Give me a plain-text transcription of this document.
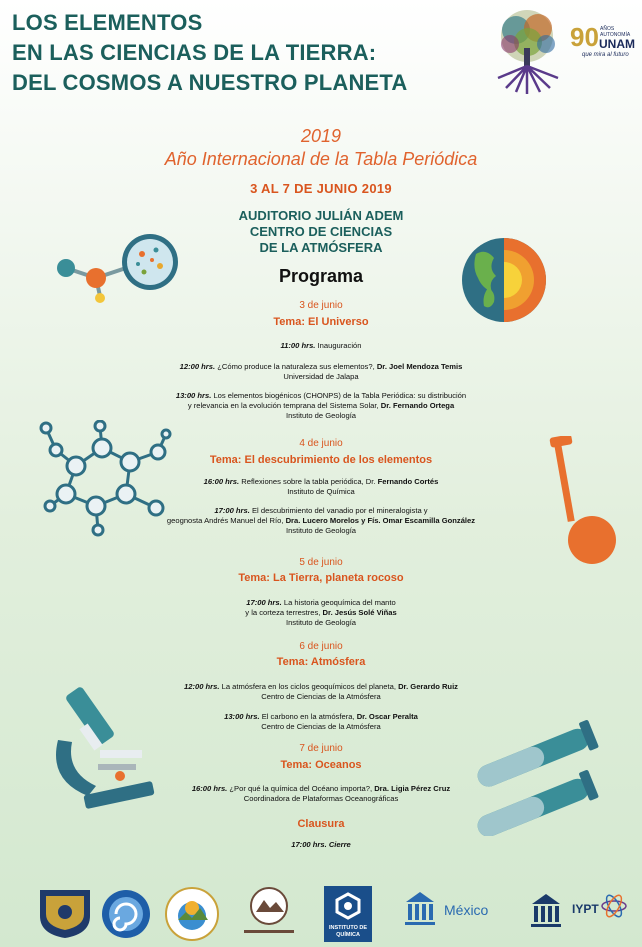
LOS ELEMENTOS
EN LAS CIENCIAS DE LA TIERRA:
DEL COSMOS A NUESTRO PLANETA
90 AÑOS
AUTONOMÍA
UNAM
que mira al futuro
2019
Año Internacional de la Tabla Periódica
3 AL 7 DE JUNIO 2019
AUDITORIO JULIÁN ADEM
CENTRO DE CIENCIAS
DE LA ATMÓSFERA
Programa
3 de junio
Tema: El Universo
11:00 hrs. Inauguración
12:00 hrs. ¿Cómo produce la naturaleza sus elementos?, Dr. Joel Mendoza Temis
Universidad de Jalapa
13:00 hrs. Los elementos biogénicos (CHONPS) de la Tabla Periódica: su distribución
y relevancia en la evolución temprana del Sistema Solar, Dr. Fernando Ortega
Instituto de Geología
4 de junio
Tema: El descubrimiento de los elementos
16:00 hrs. Reflexiones sobre la tabla periódica, Dr. Fernando Cortés
Instituto de Química
17:00 hrs. El descubrimiento del vanadio por el mineralogista y
geognosta Andrés Manuel del Río, Dra. Lucero Morelos y Fís. Omar Escamilla González
Instituto de Geología
5 de junio
Tema: La Tierra, planeta rocoso
17:00 hrs. La historia geoquímica del manto
y la corteza terrestres, Dr. Jesús Solé Viñas
Instituto de Geología
6 de junio
Tema: Atmósfera
12:00 hrs. La atmósfera en los ciclos geoquímicos del planeta, Dr. Gerardo Ruiz
Centro de Ciencias de la Atmósfera
13:00 hrs. El carbono en la atmósfera, Dr. Oscar Peralta
Centro de Ciencias de la Atmósfera
7 de junio
Tema: Oceanos
16:00 hrs. ¿Por qué la química del Océano importa?, Dra. Ligia Pérez Cruz
Coordinadora de Plataformas Oceanográficas
Clausura
17:00 hrs. Cierre
INSTITUTO DE QUÍMICA
México	IYPT
